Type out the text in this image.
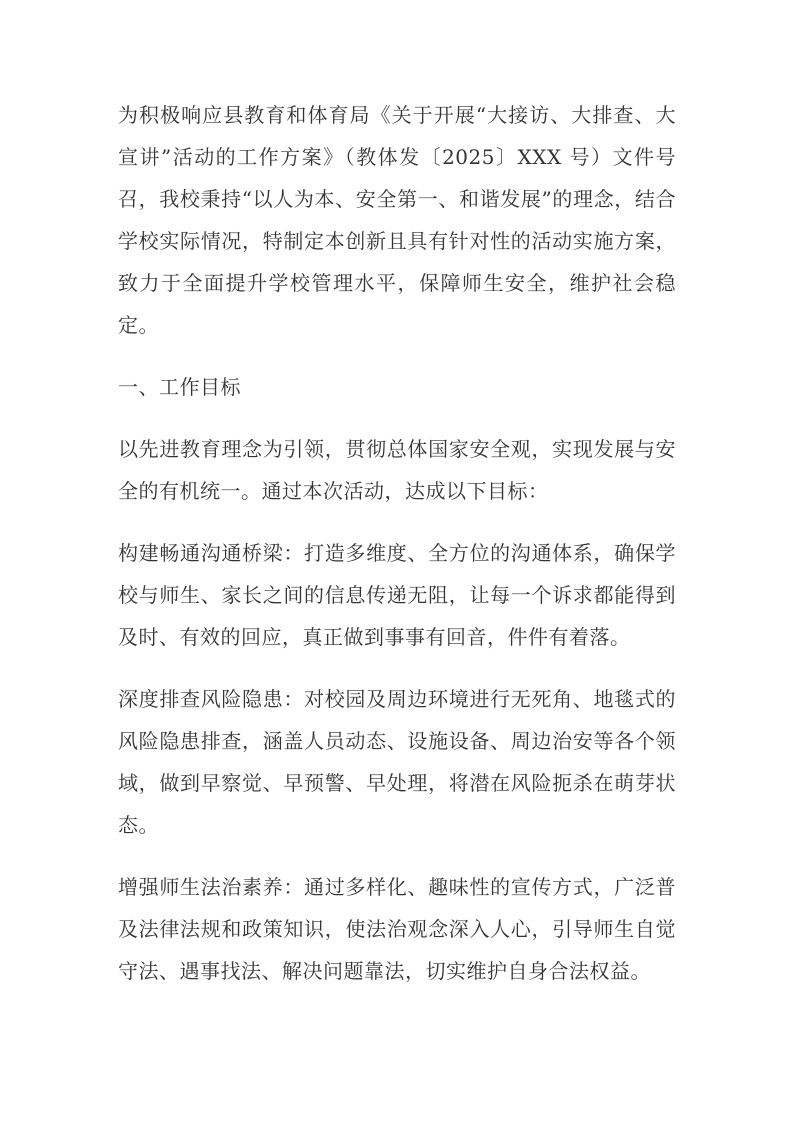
为积极响应县教育和体育局《关于开展“大接访、大排查、大宣讲”活动的工作方案》（教体发〔2025〕XXX 号）文件号召，我校秉持“以人为本、安全第一、和谐发展”的理念，结合学校实际情况，特制定本创新且具有针对性的活动实施方案，致力于全面提升学校管理水平，保障师生安全，维护社会稳定。

一、工作目标

以先进教育理念为引领，贯彻总体国家安全观，实现发展与安全的有机统一。通过本次活动，达成以下目标：

构建畅通沟通桥梁：打造多维度、全方位的沟通体系，确保学校与师生、家长之间的信息传递无阻，让每一个诉求都能得到及时、有效的回应，真正做到事事有回音，件件有着落。

深度排查风险隐患：对校园及周边环境进行无死角、地毯式的风险隐患排查，涵盖人员动态、设施设备、周边治安等各个领域，做到早察觉、早预警、早处理，将潜在风险扼杀在萌芽状态。

增强师生法治素养：通过多样化、趣味性的宣传方式，广泛普及法律法规和政策知识，使法治观念深入人心，引导师生自觉守法、遇事找法、解决问题靠法，切实维护自身合法权益。
